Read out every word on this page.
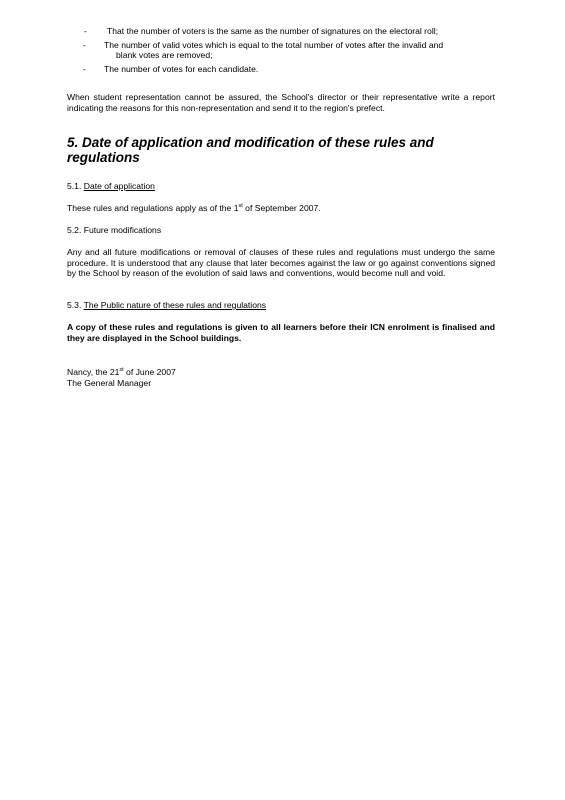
- That the number of voters is the same as the number of signatures on the electoral roll;
- The number of valid votes which is equal to the total number of votes after the invalid and
blank votes are removed;
- The number of votes for each candidate.
When student representation cannot be assured, the School's director or their representative write a report indicating the reasons for this non-representation and send it to the region's prefect.
5. Date of application and modification of these rules and regulations
5.1. Date of application
These rules and regulations apply as of the 1st of September 2007.
5.2. Future modifications
Any and all future modifications or removal of clauses of these rules and regulations must undergo the same procedure. It is understood that any clause that later becomes against the law or go against conventions signed by the School by reason of the evolution of said laws and conventions, would become null and void.
5.3. The Public nature of these rules and regulations
A copy of these rules and regulations is given to all learners before their ICN enrolment is finalised and they are displayed in the School buildings.
Nancy, the 21st of June 2007
The General Manager
